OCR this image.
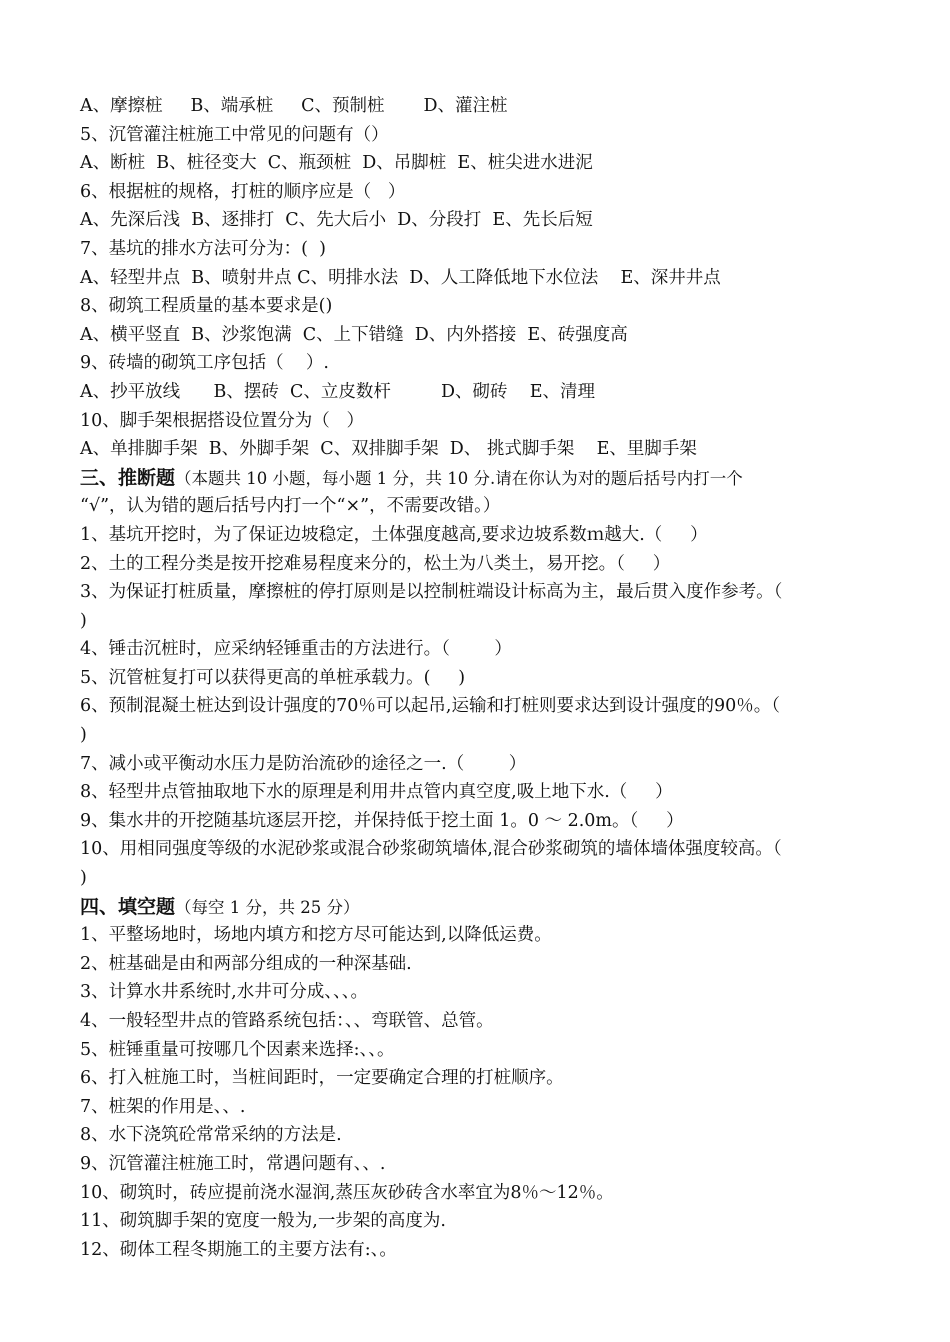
A、摩擦桩     B、端承桩     C、预制桩       D、灌注桩
5、沉管灌注桩施工中常见的问题有（）
A、断桩  B、桩径变大  C、瓶颈桩  D、吊脚桩  E、桩尖进水进泥
6、根据桩的规格，打桩的顺序应是（   ）
A、先深后浅  B、逐排打  C、先大后小  D、分段打  E、先长后短
7、基坑的排水方法可分为：(  )
A、轻型井点  B、喷射井点 C、明排水法  D、人工降低地下水位法    E、深井井点
8、砌筑工程质量的基本要求是()
A、横平竖直  B、沙浆饱满  C、上下错缝  D、内外搭接  E、砖强度高
9、砖墙的砌筑工序包括（    ）.
A、抄平放线      B、摆砖  C、立皮数杆         D、砌砖    E、清理
10、脚手架根据搭设位置分为（   ）
A、单排脚手架  B、外脚手架  C、双排脚手架  D、 挑式脚手架    E、里脚手架
三、推断题（本题共 10 小题，每小题 1 分，共 10 分.请在你认为对的题后括号内打一个
“√”，认为错的题后括号内打一个“×”，不需要改错。）
1、基坑开挖时，为了保证边坡稳定，土体强度越高,要求边坡系数ｍ越大.（     ）
2、土的工程分类是按开挖难易程度来分的，松土为八类土，易开挖。（     ）
3、为保证打桩质量，摩擦桩的停打原则是以控制桩端设计标高为主，最后贯入度作参考。（
)
4、锤击沉桩时，应采纳轻锤重击的方法进行。（        ）
5、沉管桩复打可以获得更高的单桩承载力。(     )
6、预制混凝土桩达到设计强度的70％可以起吊,运输和打桩则要求达到设计强度的90％。（
)
7、减小或平衡动水压力是防治流砂的途径之一.（        ）
8、轻型井点管抽取地下水的原理是利用井点管内真空度,吸上地下水.（     ）
9、集水井的开挖随基坑逐层开挖，并保持低于挖土面 1。0 ～ 2.0m。（     ）
10、用相同强度等级的水泥砂浆或混合砂浆砌筑墙体,混合砂浆砌筑的墙体墙体强度较高。（
)
四、填空题（每空 1 分，共 25 分）
1、平整场地时，场地内填方和挖方尽可能达到,以降低运费。
2、桩基础是由和两部分组成的一种深基础.
3、计算水井系统时,水井可分成、、、。
4、一般轻型井点的管路系统包括：、、弯联管、总管。
5、桩锤重量可按哪几个因素来选择:、、。
6、打入桩施工时，当桩间距时，一定要确定合理的打桩顺序。
7、桩架的作用是、、.
8、水下浇筑砼常常采纳的方法是.
9、沉管灌注桩施工时，常遇问题有、、.
10、砌筑时，砖应提前浇水湿润,蒸压灰砂砖含水率宜为8％～12％。
11、砌筑脚手架的宽度一般为,一步架的高度为.
12、砌体工程冬期施工的主要方法有:、。
